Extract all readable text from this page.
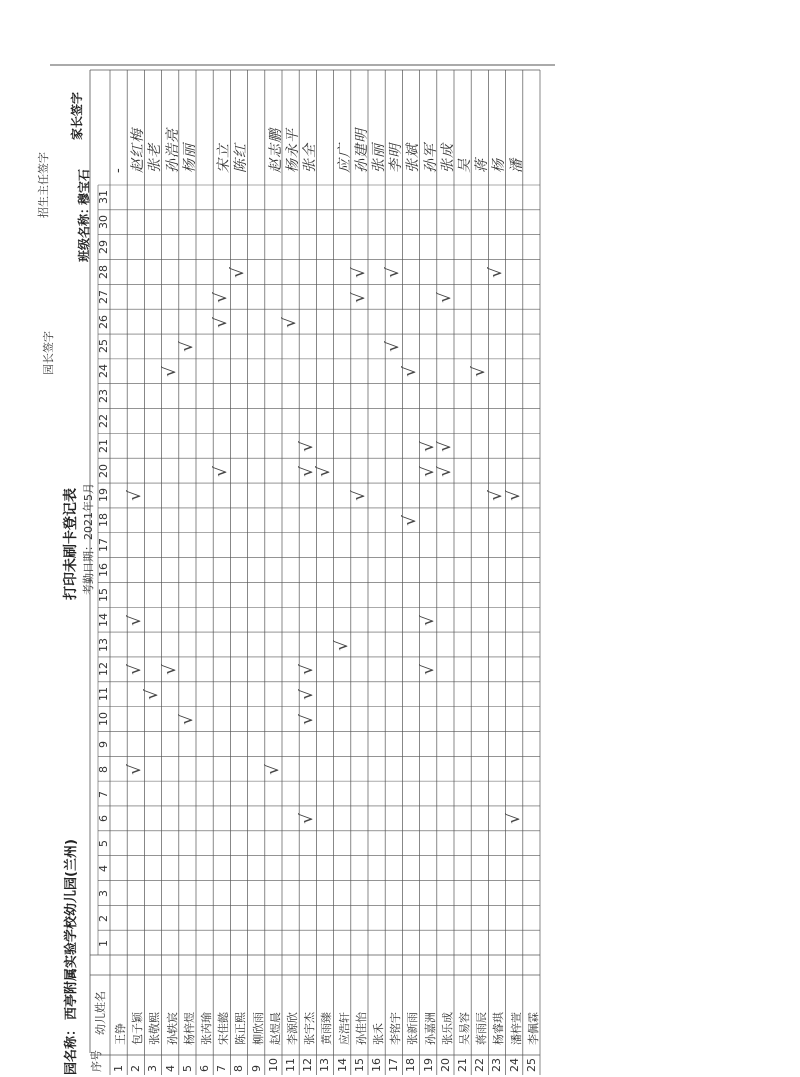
园名称：
西亭附属实验学校幼儿园(兰州)
打印未刷卡登记表 考勤日期：
2021年5月
园长签字
招生主任签字
班级名称：
穆宝石
序号
幼儿姓名
家长签字
1
2
3
4
5
6
7
8
9
10
11
12
13
14
15
16
17
18
19
20
21
22
23
24
25
26
27
28
29
30
31
1
王铮
-
2
包子颖
√
√
√
√
赵红梅
3
张敬熙
√
张老
4
孙轶宸
√
√
孙浩亮
5
杨梓煜
√
√
杨丽
6
张芮瑜
7
宋佳懿
√
√
√
宋立
8
陈正熙
√
陈红
9
柳欣雨
10
赵煜晨
√
赵志鹏
11
李源欣
√
杨永平
12
张宇杰
√
√
√
√
√
√
张全
13
黄雨臻
√
14
应浩轩
√
应广
15
孙佳怡
√
√
√
孙建明
16
张禾
张丽
17
李铭宇
√
√
李明
18
张新雨
√
√
张斌
19
孙嘉洲
√
√
√
√
孙军
20
张乐成
√
√
√
张成
21
吴易容
吴
22
蒋雨辰
√
蒋
23
杨睿琪
√
√
杨
24
潘梓萱
√
√
潘
25
李佩霖
